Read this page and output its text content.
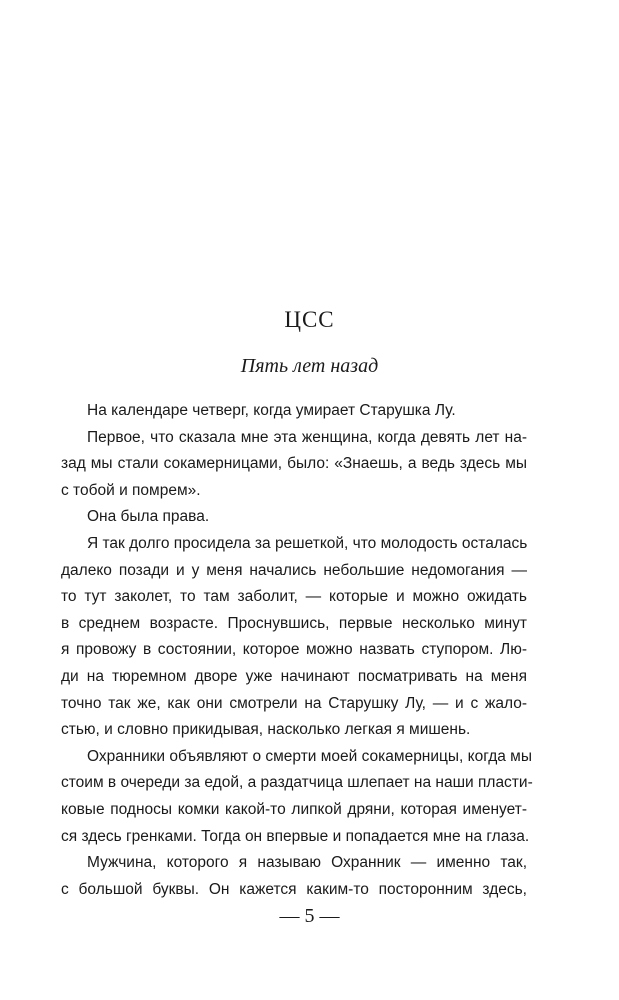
ЦСС
Пять лет назад
На календаре четверг, когда умирает Старушка Лу.
Первое, что сказала мне эта женщина, когда девять лет на-
зад мы стали сокамерницами, было: «Знаешь, а ведь здесь мы
с тобой и помрем».
Она была права.
Я так долго просидела за решеткой, что молодость осталась
далеко позади и у меня начались небольшие недомогания —
то тут заколет, то там заболит, — которые и можно ожидать
в среднем возрасте. Проснувшись, первые несколько минут
я провожу в состоянии, которое можно назвать ступором. Лю-
ди на тюремном дворе уже начинают посматривать на меня
точно так же, как они смотрели на Старушку Лу, — и с жало-
стью, и словно прикидывая, насколько легкая я мишень.
Охранники объявляют о смерти моей сокамерницы, когда мы
стоим в очереди за едой, а раздатчица шлепает на наши пласти-
ковые подносы комки какой-то липкой дряни, которая именует-
ся здесь гренками. Тогда он впервые и попадается мне на глаза.
Мужчина, которого я называю Охранник — именно так,
с большой буквы. Он кажется каким-то посторонним здесь,
— 5 —
